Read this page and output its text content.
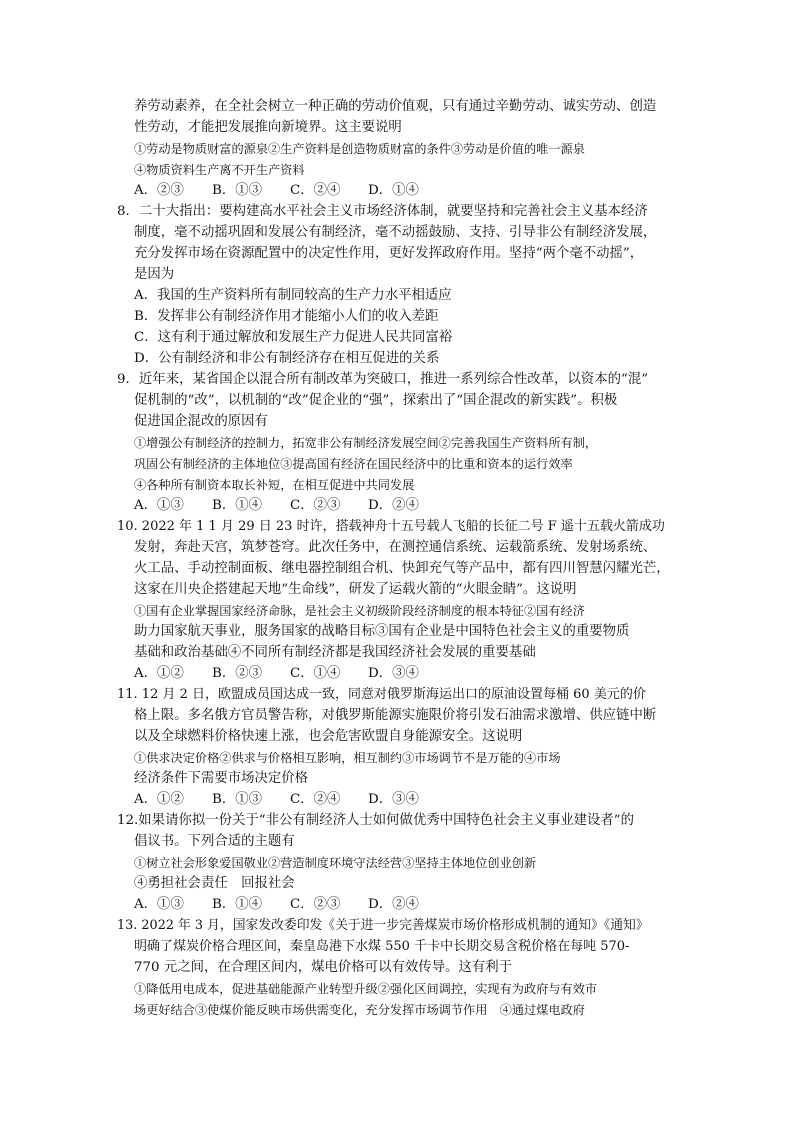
养劳动素养，在全社会树立一种正确的劳动价值观，只有通过辛勤劳动、诚实劳动、创造
性劳动，才能把发展推向新境界。这主要说明
①劳动是物质财富的源泉②生产资料是创造物质财富的条件③劳动是价值的唯一源泉
④物质资料生产离不开生产资料
A．②③ B．①③ C．②④ D．①④
8．二十大指出：要构建高水平社会主义市场经济体制，就要坚持和完善社会主义基本经济
制度，毫不动摇巩固和发展公有制经济，毫不动摇鼓励、支持、引导非公有制经济发展，
充分发挥市场在资源配置中的决定性作用，更好发挥政府作用。坚持“两个毫不动摇”，
是因为
A．我国的生产资料所有制同较高的生产力水平相适应
B．发挥非公有制经济作用才能缩小人们的收入差距
C．这有利于通过解放和发展生产力促进人民共同富裕
D．公有制经济和非公有制经济存在相互促进的关系
9．近年来，某省国企以混合所有制改革为突破口，推进一系列综合性改革，以资本的“混”
促机制的“改”，以机制的“改”促企业的“强”，探索出了“国企混改的新实践”。积极
促进国企混改的原因有
①增强公有制经济的控制力，拓宽非公有制经济发展空间②完善我国生产资料所有制，
巩固公有制经济的主体地位③提高国有经济在国民经济中的比重和资本的运行效率
④各种所有制资本取长补短，在相互促进中共同发展
A．①③ B．①④ C．②③ D．②④
10. 2022 年 1 1 月 29 日 23 时许，搭载神舟十五号载人飞船的长征二号 F 遥十五载火箭成功
发射，奔赴天宫，筑梦苍穹。此次任务中，在测控通信系统、运载箭系统、发射场系统、
火工品、手动控制面板、继电器控制组合机、快卸充气等产品中，都有四川智慧闪耀光芒，
这家在川央企搭建起天地“生命线”，研发了运载火箭的“火眼金睛”。这说明
①国有企业掌握国家经济命脉，是社会主义初级阶段经济制度的根本特征②国有经济
助力国家航天事业，服务国家的战略目标③国有企业是中国特色社会主义的重要物质
基础和政治基础④不同所有制经济都是我国经济社会发展的重要基础
A．①② B．②③ C．①④ D．③④
11. 12 月 2 日，欧盟成员国达成一致，同意对俄罗斯海运出口的原油设置每桶 60 美元的价
格上限。多名俄方官员警告称，对俄罗斯能源实施限价将引发石油需求激增、供应链中断
以及全球燃料价格快速上涨，也会危害欧盟自身能源安全。这说明
①供求决定价格②供求与价格相互影响，相互制约③市场调节不是万能的④市场
经济条件下需要市场决定价格
A．①② B．①③ C．②④ D．③④
12.如果请你拟一份关于“非公有制经济人士如何做优秀中国特色社会主义事业建设者”的
倡议书。下列合适的主题有
①树立社会形象爱国敬业②营造制度环境守法经营③坚持主体地位创业创新
④勇担社会责任　回报社会
A．①③ B．①④ C．②③ D．②④
13. 2022 年 3 月，国家发改委印发《关于进一步完善煤炭市场价格形成机制的通知》《通知》
明确了煤炭价格合理区间，秦皇岛港下水煤 550 千卡中长期交易含税价格在每吨 570-
770 元之间，在合理区间内，煤电价格可以有效传导。这有利于
①降低用电成本，促进基础能源产业转型升级②强化区间调控，实现有为政府与有效市
场更好结合③使煤价能反映市场供需变化，充分发挥市场调节作用　④通过煤电政府
